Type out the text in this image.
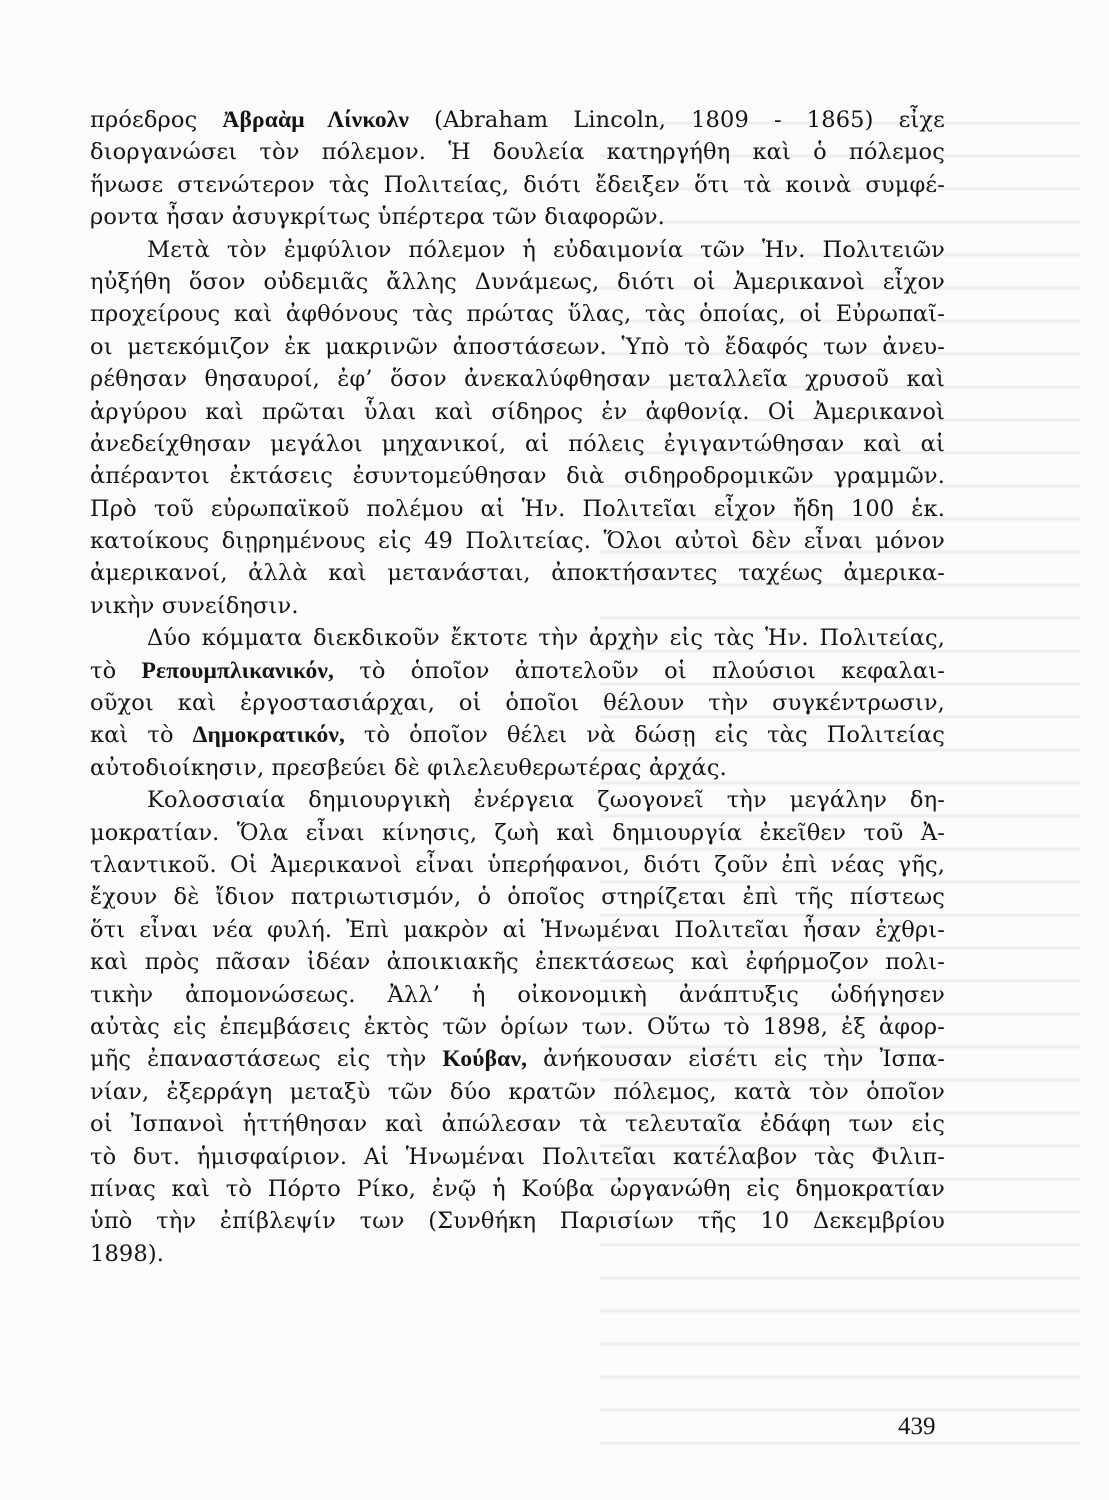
πρόεδρος Ἀβραὰμ Λίνκολν (Abraham Lincoln, 1809 - 1865) εἶχε
διοργανώσει τὸν πόλεμον. Ἡ δουλεία κατηργήθη καὶ ὁ πόλεμος
ἥνωσε στενώτερον τὰς Πολιτείας, διότι ἔδειξεν ὅτι τὰ κοινὰ συμφέ-
ροντα ἦσαν ἀσυγκρίτως ὑπέρτερα τῶν διαφορῶν.
Μετὰ τὸν ἐμφύλιον πόλεμον ἡ εὐδαιμονία τῶν Ἡν. Πολιτειῶν
ηὐξήθη ὅσον οὐδεμιᾶς ἄλλης Δυνάμεως, διότι οἱ Ἀμερικανοὶ εἶχον
προχείρους καὶ ἀφθόνους τὰς πρώτας ὕλας, τὰς ὁποίας, οἱ Εὐρωπαῖ-
οι μετεκόμιζον ἐκ μακρινῶν ἀποστάσεων. Ὑπὸ τὸ ἔδαφός των ἀνευ-
ρέθησαν θησαυροί, ἐφ’ ὅσον ἀνεκαλύφθησαν μεταλλεῖα χρυσοῦ καὶ
ἀργύρου καὶ πρῶται ὗλαι καὶ σίδηρος ἐν ἀφθονίᾳ. Οἱ Ἀμερικανοὶ
ἀνεδείχθησαν μεγάλοι μηχανικοί, αἱ πόλεις ἐγιγαντώθησαν καὶ αἱ
ἀπέραντοι ἐκτάσεις ἐσυντομεύθησαν διὰ σιδηροδρομικῶν γραμμῶν.
Πρὸ τοῦ εὐρωπαϊκοῦ πολέμου αἱ Ἡν. Πολιτεῖαι εἶχον ἤδη 100 ἑκ.
κατοίκους διῃρημένους εἰς 49 Πολιτείας. Ὅλοι αὐτοὶ δὲν εἶναι μόνον
ἀμερικανοί, ἀλλὰ καὶ μετανάσται, ἀποκτήσαντες ταχέως ἀμερικα-
νικὴν συνείδησιν.
Δύο κόμματα διεκδικοῦν ἔκτοτε τὴν ἀρχὴν εἰς τὰς Ἡν. Πολιτείας,
τὸ Ρεπουμπλικανικόν, τὸ ὁποῖον ἀποτελοῦν οἱ πλούσιοι κεφαλαι-
οῦχοι καὶ ἐργοστασιάρχαι, οἱ ὁποῖοι θέλουν τὴν συγκέντρωσιν,
καὶ τὸ Δημοκρατικόν, τὸ ὁποῖον θέλει νὰ δώσῃ εἰς τὰς Πολιτείας
αὐτοδιοίκησιν, πρεσβεύει δὲ φιλελευθερωτέρας ἀρχάς.
Κολοσσιαία δημιουργικὴ ἐνέργεια ζωογονεῖ τὴν μεγάλην δη-
μοκρατίαν. Ὅλα εἶναι κίνησις, ζωὴ καὶ δημιουργία ἐκεῖθεν τοῦ Ἀ-
τλαντικοῦ. Οἱ Ἀμερικανοὶ εἶναι ὑπερήφανοι, διότι ζοῦν ἐπὶ νέας γῆς,
ἔχουν δὲ ἴδιον πατριωτισμόν, ὁ ὁποῖος στηρίζεται ἐπὶ τῆς πίστεως
ὅτι εἶναι νέα φυλή. Ἐπὶ μακρὸν αἱ Ἡνωμέναι Πολιτεῖαι ἦσαν ἐχθρι-
καὶ πρὸς πᾶσαν ἰδέαν ἀποικιακῆς ἐπεκτάσεως καὶ ἐφήρμοζον πολι-
τικὴν ἀπομονώσεως. Ἀλλ’ ἡ οἰκονομικὴ ἀνάπτυξις ὡδήγησεν
αὐτὰς εἰς ἐπεμβάσεις ἐκτὸς τῶν ὁρίων των. Οὕτω τὸ 1898, ἐξ ἀφορ-
μῆς ἐπαναστάσεως εἰς τὴν Κούβαν, ἀνήκουσαν εἰσέτι εἰς τὴν Ἰσπα-
νίαν, ἐξερράγη μεταξὺ τῶν δύο κρατῶν πόλεμος, κατὰ τὸν ὁποῖον
οἱ Ἰσπανοὶ ἡττήθησαν καὶ ἀπώλεσαν τὰ τελευταῖα ἐδάφη των εἰς
τὸ δυτ. ἡμισφαίριον. Αἱ Ἡνωμέναι Πολιτεῖαι κατέλαβον τὰς Φιλιπ-
πίνας καὶ τὸ Πόρτο Ρίκο, ἐνῷ ἡ Κούβα ὠργανώθη εἰς δημοκρατίαν
ὑπὸ τὴν ἐπίβλεψίν των (Συνθήκη Παρισίων τῆς 10 Δεκεμβρίου
1898).
439
